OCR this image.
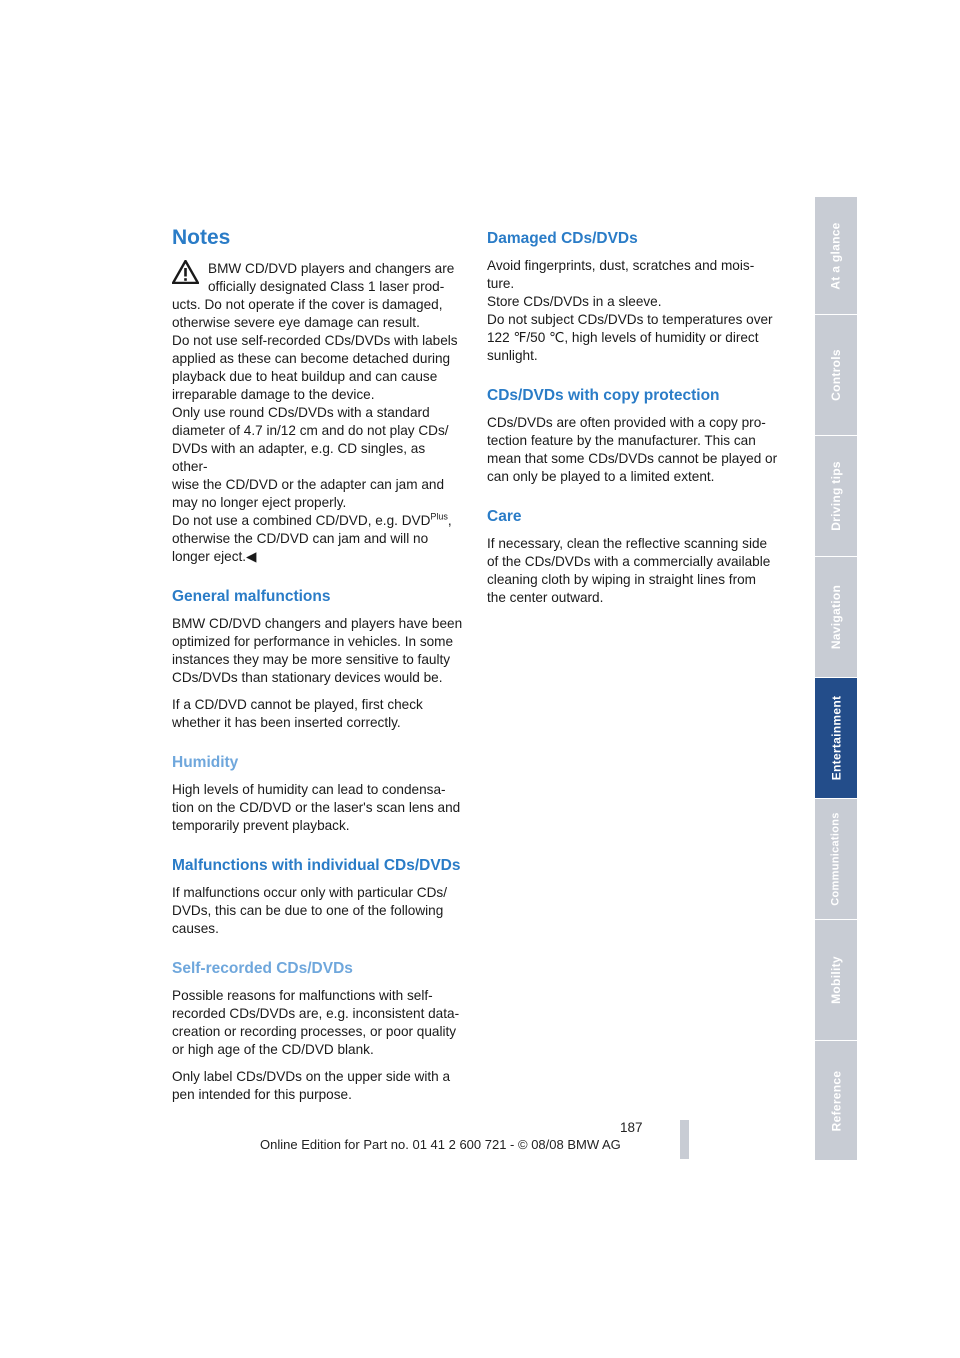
Notes

BMW CD/DVD players and changers are
officially designated Class 1 laser prod-
ucts. Do not operate if the cover is damaged,
otherwise severe eye damage can result.
Do not use self-recorded CDs/DVDs with labels
applied as these can become detached during
playback due to heat buildup and can cause
irreparable damage to the device.
Only use round CDs/DVDs with a standard
diameter of 4.7 in/12 cm and do not play CDs/
DVDs with an adapter, e.g. CD singles, as other-
wise the CD/DVD or the adapter can jam and
may no longer eject properly.
Do not use a combined CD/DVD, e.g. $DVD^{Plus}$,
otherwise the CD/DVD can jam and will no
longer eject.◀

General malfunctions

BMW CD/DVD changers and players have been
optimized for performance in vehicles. In some
instances they may be more sensitive to faulty
CDs/DVDs than stationary devices would be.

If a CD/DVD cannot be played, first check
whether it has been inserted correctly.

Humidity

High levels of humidity can lead to condensa-
tion on the CD/DVD or the laser's scan lens and
temporarily prevent playback.

Malfunctions with individual CDs/DVDs

If malfunctions occur only with particular CDs/
DVDs, this can be due to one of the following
causes.

Self-recorded CDs/DVDs

Possible reasons for malfunctions with self-
recorded CDs/DVDs are, e.g. inconsistent data-
creation or recording processes, or poor quality
or high age of the CD/DVD blank.

Only label CDs/DVDs on the upper side with a
pen intended for this purpose.

Damaged CDs/DVDs

Avoid fingerprints, dust, scratches and mois-
ture.
Store CDs/DVDs in a sleeve.
Do not subject CDs/DVDs to temperatures over
122 ℉/50 ℃, high levels of humidity or direct
sunlight.

CDs/DVDs with copy protection

CDs/DVDs are often provided with a copy pro-
tection feature by the manufacturer. This can
mean that some CDs/DVDs cannot be played or
can only be played to a limited extent.

Care

If necessary, clean the reflective scanning side
of the CDs/DVDs with a commercially available
cleaning cloth by wiping in straight lines from
the center outward.

At a glance
Controls
Driving tips
Navigation
Entertainment
Communications
Mobility
Reference
187
Online Edition for Part no. 01 41 2 600 721 - © 08/08 BMW AG
